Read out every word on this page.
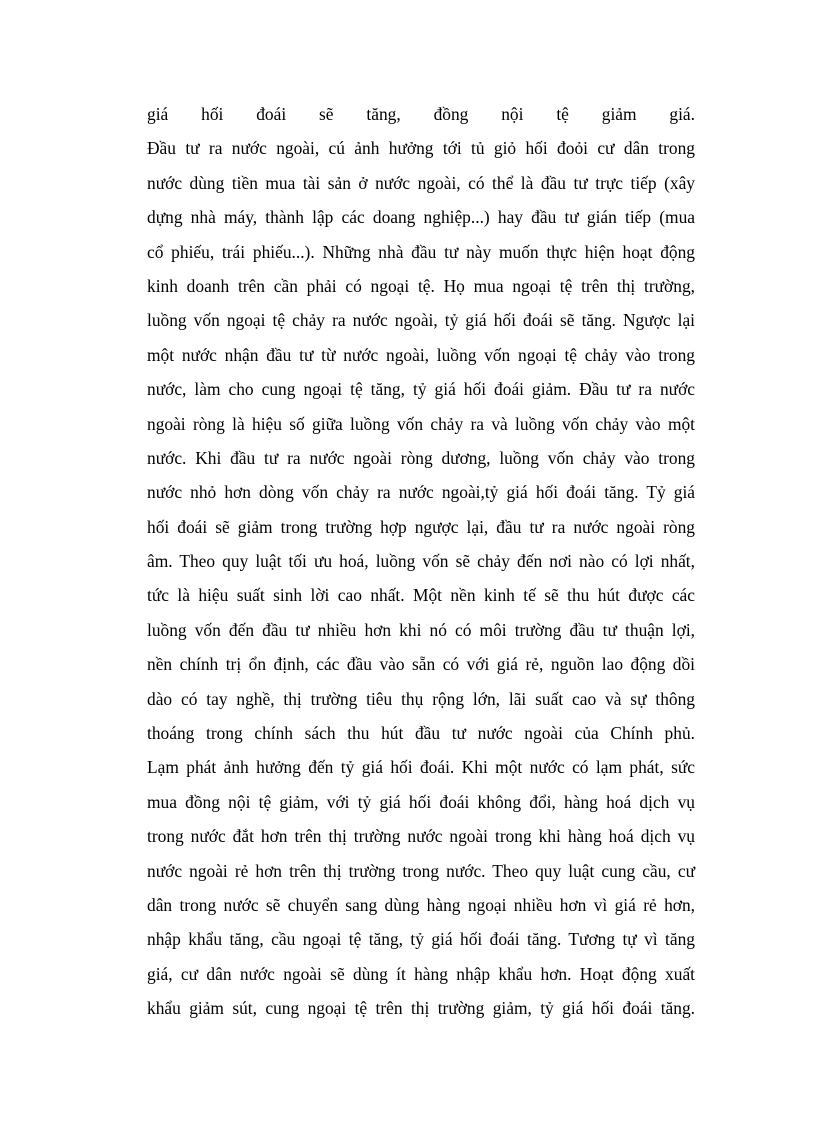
giá hối đoái sẽ tăng, đồng nội tệ giảm giá.
Đầu tư ra nước ngoài, cú ảnh hưởng tới tủ giỏ hối đoỏi cư dân trong
nước dùng tiền mua tài sản ở nước ngoài, có thể là đầu tư trực tiếp (xây
dựng nhà máy, thành lập các doang nghiệp...) hay đầu tư gián tiếp (mua
cổ phiếu, trái phiếu...). Những nhà đầu tư này muốn thực hiện hoạt động
kinh doanh trên cần phải có ngoại tệ. Họ mua ngoại tệ trên thị trường,
luồng vốn ngoại tệ chảy ra nước ngoài, tỷ giá hối đoái sẽ tăng. Ngược lại
một nước nhận đầu tư từ nước ngoài, luồng vốn ngoại tệ chảy vào trong
nước, làm cho cung ngoại tệ tăng, tỷ giá hối đoái giảm. Đầu tư ra nước
ngoài ròng là hiệu số giữa luồng vốn chảy ra và luồng vốn chảy vào một
nước. Khi đầu tư ra nước ngoài ròng dương, luồng vốn chảy vào trong
nước nhỏ hơn dòng vốn chảy ra nước ngoài,tỷ giá hối đoái tăng. Tỷ giá
hối đoái sẽ giảm trong trường hợp ngược lại, đầu tư ra nước ngoài ròng
âm. Theo quy luật tối ưu hoá, luồng vốn sẽ chảy đến nơi nào có lợi nhất,
tức là hiệu suất sinh lời cao nhất. Một nền kinh tế sẽ thu hút được các
luồng vốn đến đầu tư nhiều hơn khi nó có môi trường đầu tư thuận lợi,
nền chính trị ổn định, các đầu vào sẵn có với giá rẻ, nguồn lao động dồi
dào có tay nghề, thị trường tiêu thụ rộng lớn, lãi suất cao và sự thông
thoáng trong chính sách thu hút đầu tư nước ngoài của Chính phủ.
Lạm phát ảnh hưởng đến tỷ giá hối đoái. Khi một nước có lạm phát, sức
mua đồng nội tệ giảm, với tỷ giá hối đoái không đổi, hàng hoá dịch vụ
trong nước đắt hơn trên thị trường nước ngoài trong khi hàng hoá dịch vụ
nước ngoài rẻ hơn trên thị trường trong nước. Theo quy luật cung cầu, cư
dân trong nước sẽ chuyển sang dùng hàng ngoại nhiều hơn vì giá rẻ hơn,
nhập khẩu tăng, cầu ngoại tệ tăng, tỷ giá hối đoái tăng. Tương tự vì tăng
giá, cư dân nước ngoài sẽ dùng ít hàng nhập khẩu hơn. Hoạt động xuất
khẩu giảm sút, cung ngoại tệ trên thị trường giảm, tỷ giá hối đoái tăng.
